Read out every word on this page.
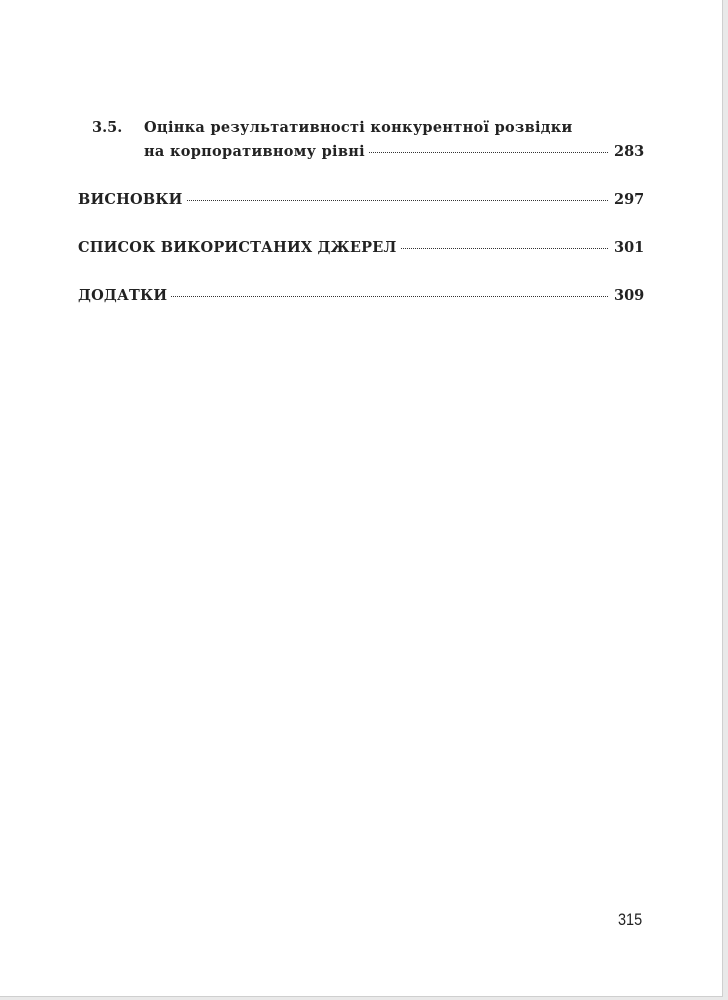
3.5.	Оцінка результативності конкурентної розвідки
на корпоративному рівні	283
ВИСНОВКИ	297
СПИСОК ВИКОРИСТАНИХ ДЖЕРЕЛ	301
ДОДАТКИ	309
315
